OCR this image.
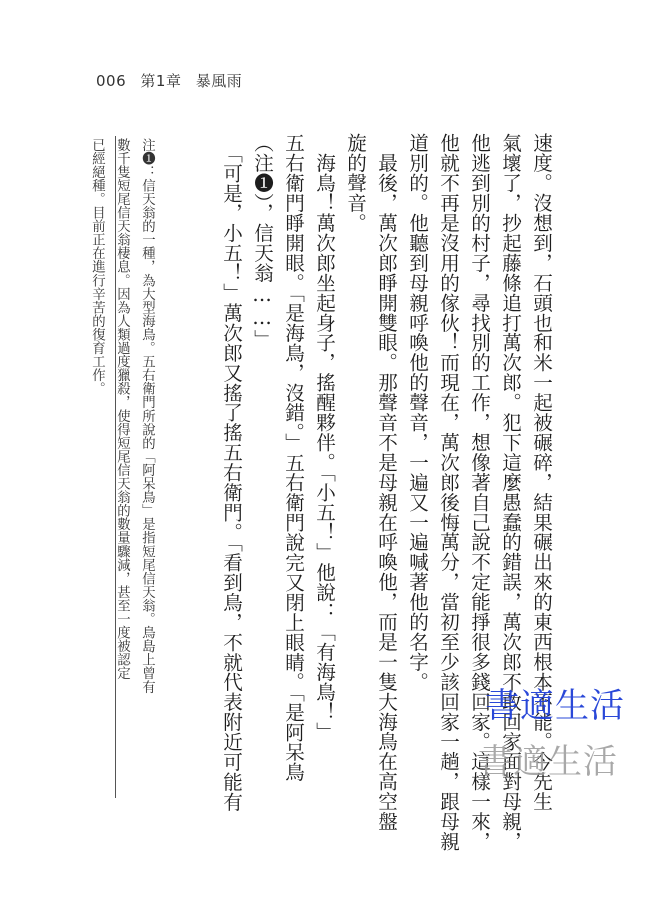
006 第1章 暴風雨
速度。沒想到，石頭也和米一起被碾碎，結果碾出來的東西根本不能。今先生
氣壞了，抄起藤條追打萬次郎。犯下這麼愚蠢的錯誤，萬次郎不敢回家面對母親，
他逃到別的村子，尋找別的工作，想像著自己說不定能掙很多錢回家。這樣一來，
他就不再是沒用的傢伙！而現在，萬次郎後悔萬分，當初至少該回家一趟，跟母親
道別的。他聽到母親呼喚他的聲音，一遍又一遍喊著他的名字。
　最後，萬次郎睜開雙眼。那聲音不是母親在呼喚他，而是一隻大海鳥在高空盤
旋的聲音。
　海鳥！萬次郎坐起身子，搖醒夥伴。「小五！」他說：「有海鳥！」
五右衛門睜開眼。「是海鳥，沒錯。」五右衛門說完又閉上眼睛。「是阿呆鳥
（注❶），信天翁……」
　「可是，小五！」萬次郎又搖了搖五右衛門。「看到鳥，不就代表附近可能有
注❶：信天翁的一種，為大型海鳥。五右衛門所說的「阿呆鳥」是指短尾信天翁。鳥島上曾有
數千隻短尾信天翁棲息。因為人類過度獵殺，使得短尾信天翁的數量驟減，甚至一度被認定
已經絕種。目前正在進行辛苦的復育工作。
書適生活
書適生活
